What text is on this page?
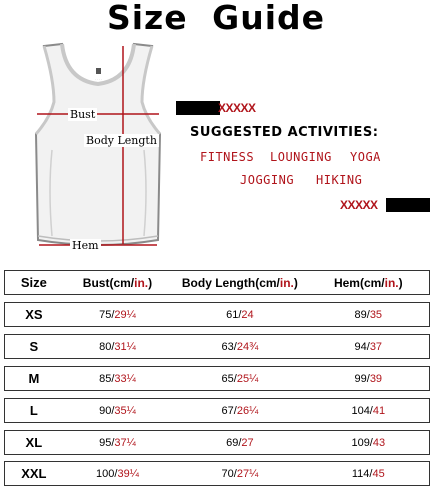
Size Guide
· · · ·
Bust
Body Length
Hem
XXXXX
XXXXX
SUGGESTED ACTIVITIES:
FITNESS LOUNGING YOGA
JOGGING HIKING
Size	Bust(cm/in.)	Body Length(cm/in.)	Hem(cm/in.)
XS	75/29¼	61/24	89/35
S	80/31¼	63/24¾	94/37
M	85/33¼	65/25¼	99/39
L	90/35¼	67/26¼	104/41
XL	95/37¼	69/27	109/43
XXL	100/39¼	70/27¼	114/45
